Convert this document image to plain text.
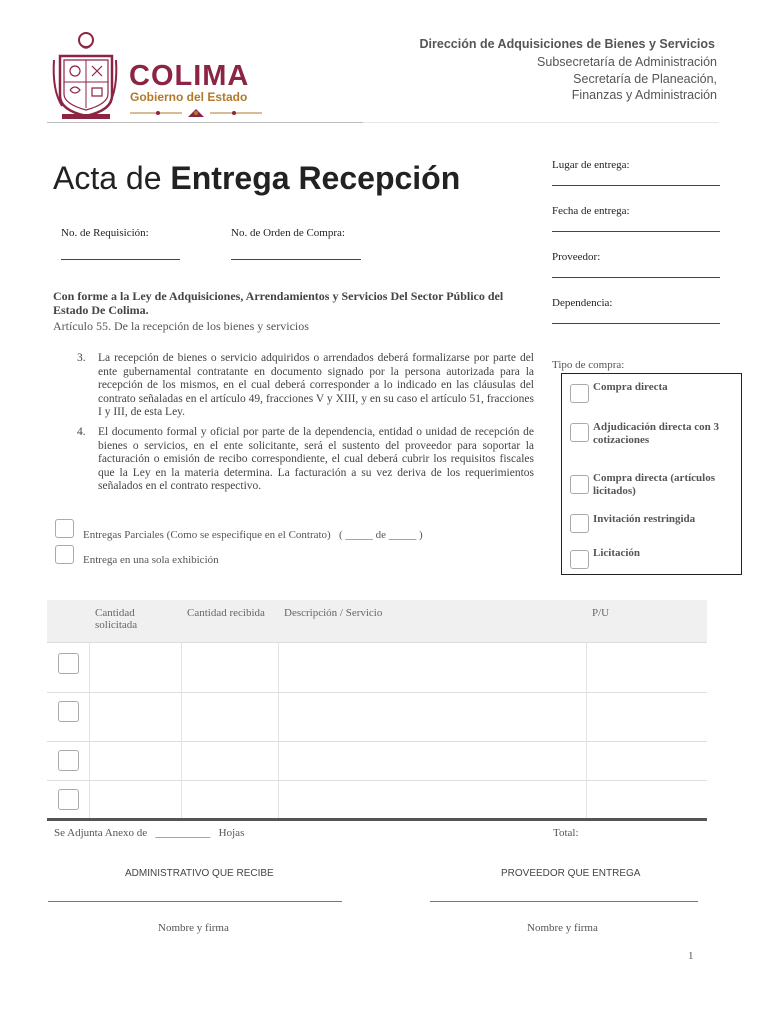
COLIMA
Gobierno del Estado
Dirección de Adquisiciones de Bienes y Servicios
Subsecretaría de Administración
Secretaría de Planeación,
Finanzas y Administración
Acta de Entrega Recepción
No. de Requisición:	No. de Orden de Compra:
Lugar de entrega:
Fecha de entrega:
Proveedor:
Dependencia:
Con forme a la Ley de Adquisiciones, Arrendamientos y Servicios Del Sector Público del Estado De Colima.
Artículo 55. De la recepción de los bienes y servicios
3.	La recepción de bienes o servicio adquiridos o arrendados deberá formalizarse por parte del ente gubernamental contratante en documento signado por la persona autorizada para la recepción de los mismos, en el cual deberá corresponder a lo indicado en las cláusulas del contrato señaladas en el artículo 49, fracciones V y XIII, y en su caso el artículo 51, fracciones I y III, de esta Ley.
4.	El documento formal y oficial por parte de la dependencia, entidad o unidad de recepción de bienes o servicios, en el ente solicitante, será el sustento del proveedor para soportar la facturación o emisión de recibo correspondiente, el cual deberá cubrir los requisitos fiscales que la Ley en la materia determina. La facturación a su vez deriva de los requerimientos señalados en el contrato respectivo.
Entregas Parciales (Como se especifique en el Contrato)   ( _____ de _____ )
Entrega en una sola exhibición
Tipo de compra:
Compra directa
Adjudicación directa con 3 cotizaciones
Compra directa (artículos licitados)
Invitación restringida
Licitación
	Cantidad solicitada	Cantidad recibida	Descripción / Servicio	P/U

Se Adjunta Anexo de   __________   Hojas	Total:
ADMINISTRATIVO QUE RECIBE	PROVEEDOR QUE ENTREGA
Nombre y firma	Nombre y firma
1
